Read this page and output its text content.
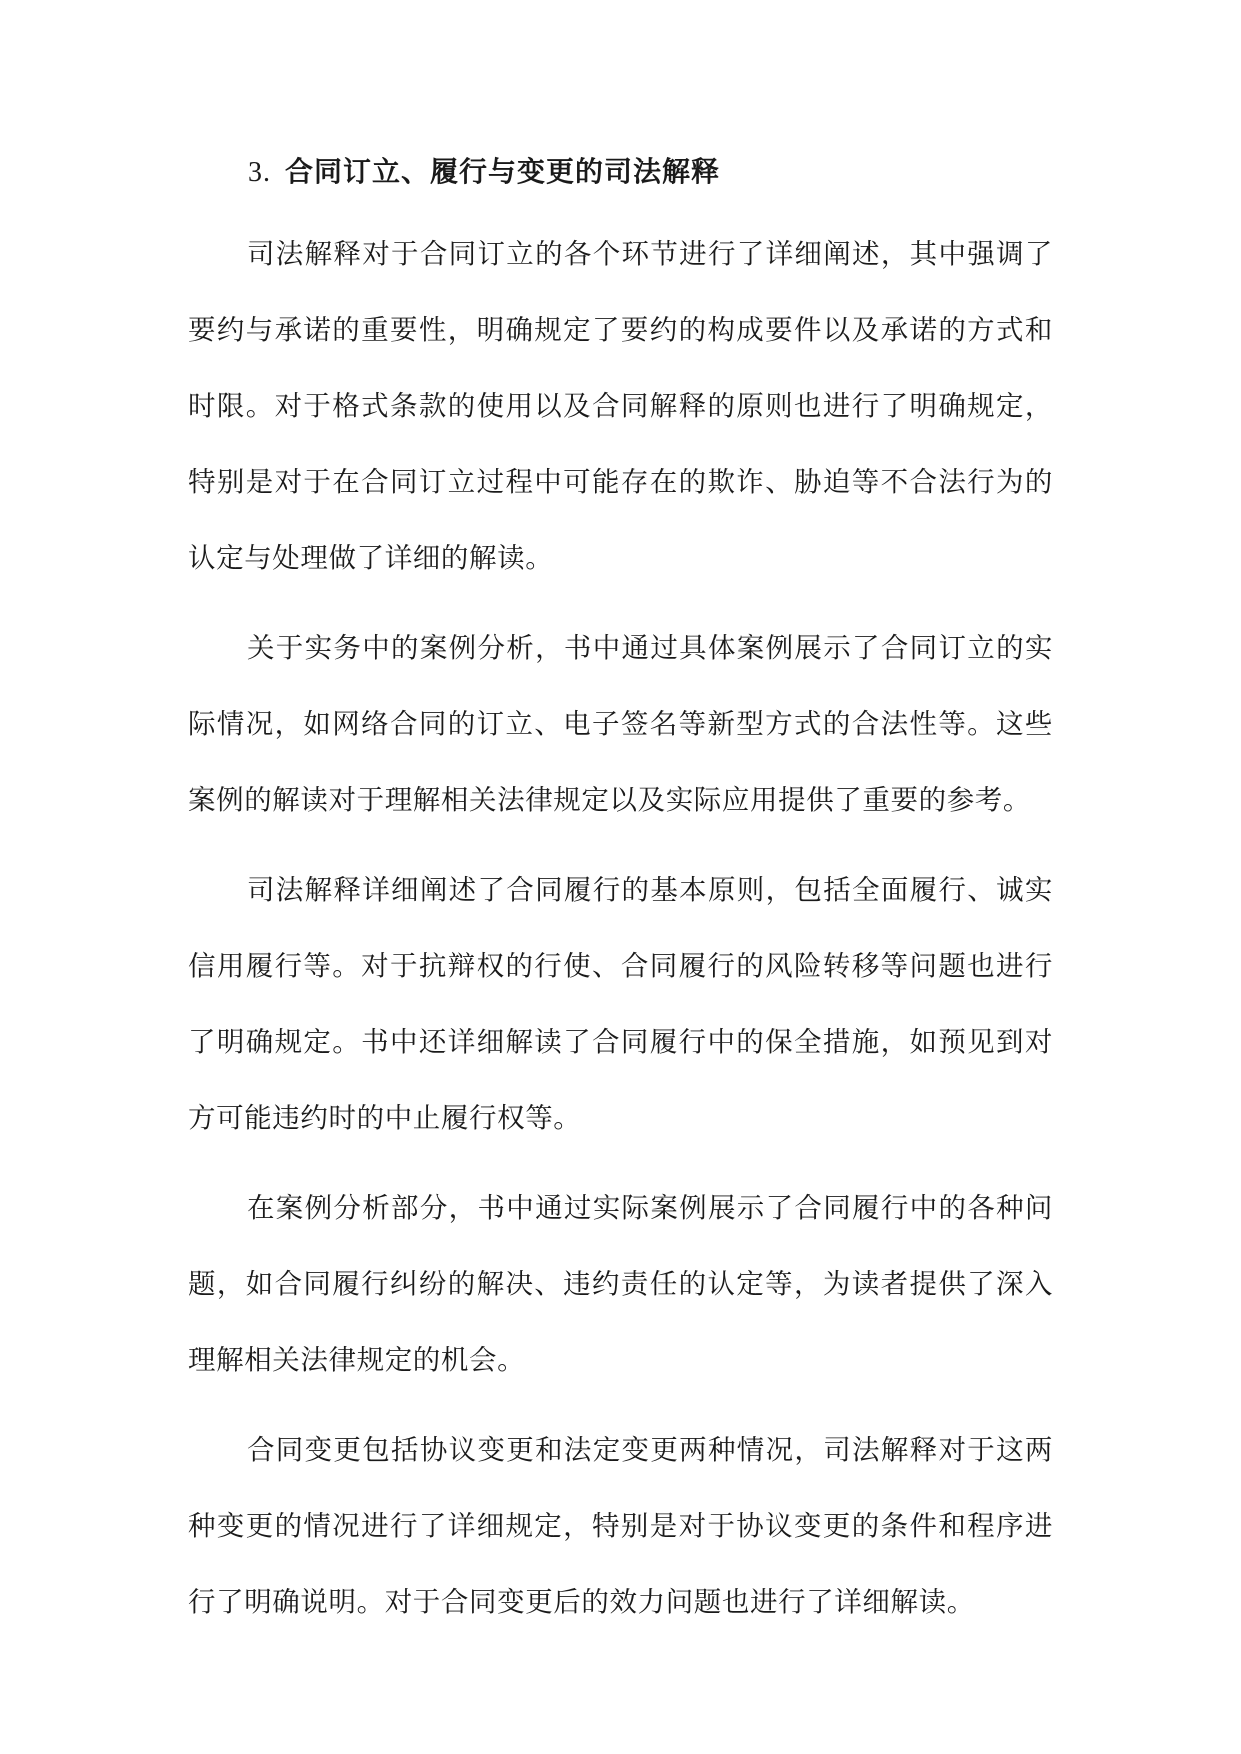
3. 合同订立、履行与变更的司法解释

司法解释对于合同订立的各个环节进行了详细阐述，其中强调了要约与承诺的重要性，明确规定了要约的构成要件以及承诺的方式和时限。对于格式条款的使用以及合同解释的原则也进行了明确规定，特别是对于在合同订立过程中可能存在的欺诈、胁迫等不合法行为的认定与处理做了详细的解读。

关于实务中的案例分析，书中通过具体案例展示了合同订立的实际情况，如网络合同的订立、电子签名等新型方式的合法性等。这些案例的解读对于理解相关法律规定以及实际应用提供了重要的参考。

司法解释详细阐述了合同履行的基本原则，包括全面履行、诚实信用履行等。对于抗辩权的行使、合同履行的风险转移等问题也进行了明确规定。书中还详细解读了合同履行中的保全措施，如预见到对方可能违约时的中止履行权等。

在案例分析部分，书中通过实际案例展示了合同履行中的各种问题，如合同履行纠纷的解决、违约责任的认定等，为读者提供了深入理解相关法律规定的机会。

合同变更包括协议变更和法定变更两种情况，司法解释对于这两种变更的情况进行了详细规定，特别是对于协议变更的条件和程序进行了明确说明。对于合同变更后的效力问题也进行了详细解读。
